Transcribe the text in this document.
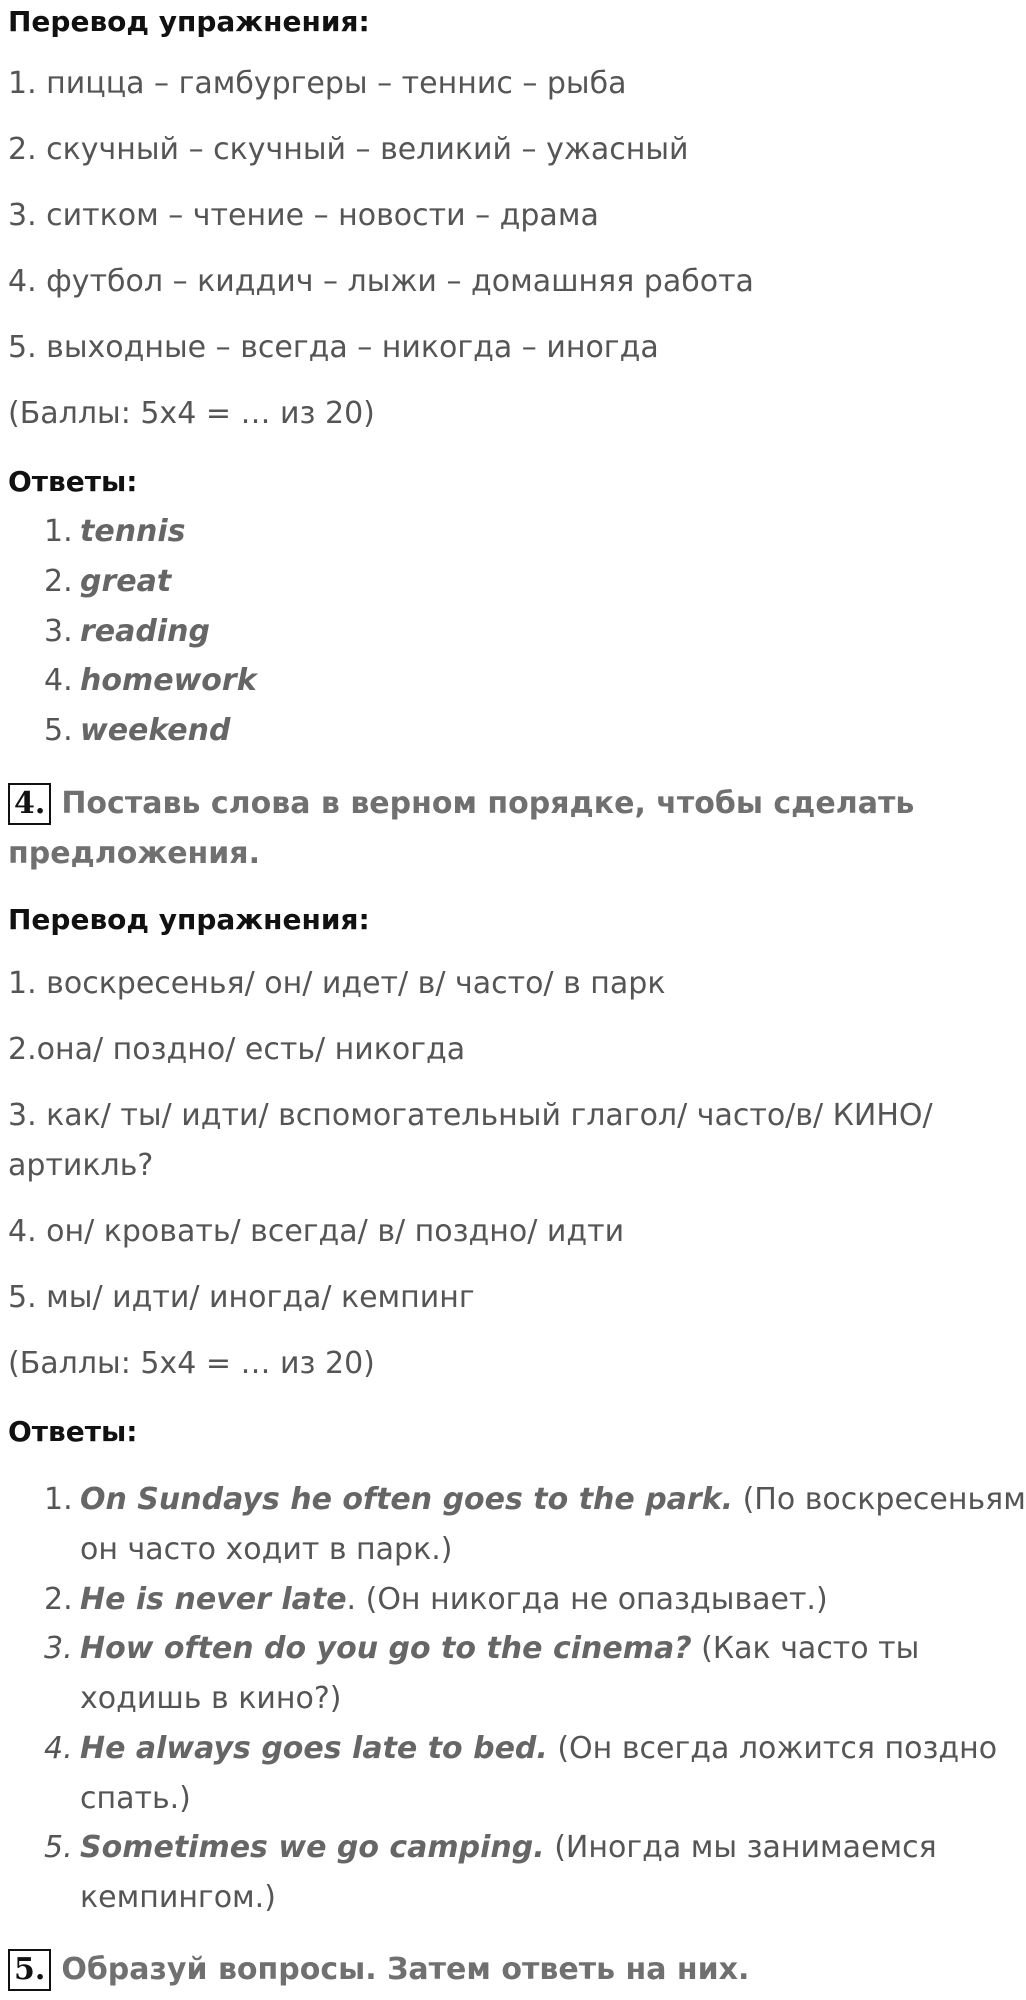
Перевод упражнения:
1. пицца – гамбургеры – теннис – рыба
2. скучный – скучный – великий – ужасный
3. ситком – чтение – новости – драма
4. футбол – киддич – лыжи – домашняя работа
5. выходные – всегда – никогда – иногда
(Баллы: 5х4 = … из 20)
Ответы:
1. tennis
2. great
3. reading
4. homework
5. weekend
4. Поставь слова в верном порядке, чтобы сделать
предложения.
Перевод упражнения:
1. воскресенья/ он/ идет/ в/ часто/ в парк
2.она/ поздно/ есть/ никогда
3. как/ ты/ идти/ вспомогательный глагол/ часто/в/ КИНО/
артикль?
4. он/ кровать/ всегда/ в/ поздно/ идти
5. мы/ идти/ иногда/ кемпинг
(Баллы: 5х4 = … из 20)
Ответы:
1. On Sundays he often goes to the park. (По воскресеньям
он часто ходит в парк.)
2. He is never late. (Он никогда не опаздывает.)
3. How often do you go to the cinema? (Как часто ты
ходишь в кино?)
4. He always goes late to bed. (Он всегда ложится поздно
спать.)
5. Sometimes we go camping. (Иногда мы занимаемся
кемпингом.)
5. Образуй вопросы. Затем ответь на них.
